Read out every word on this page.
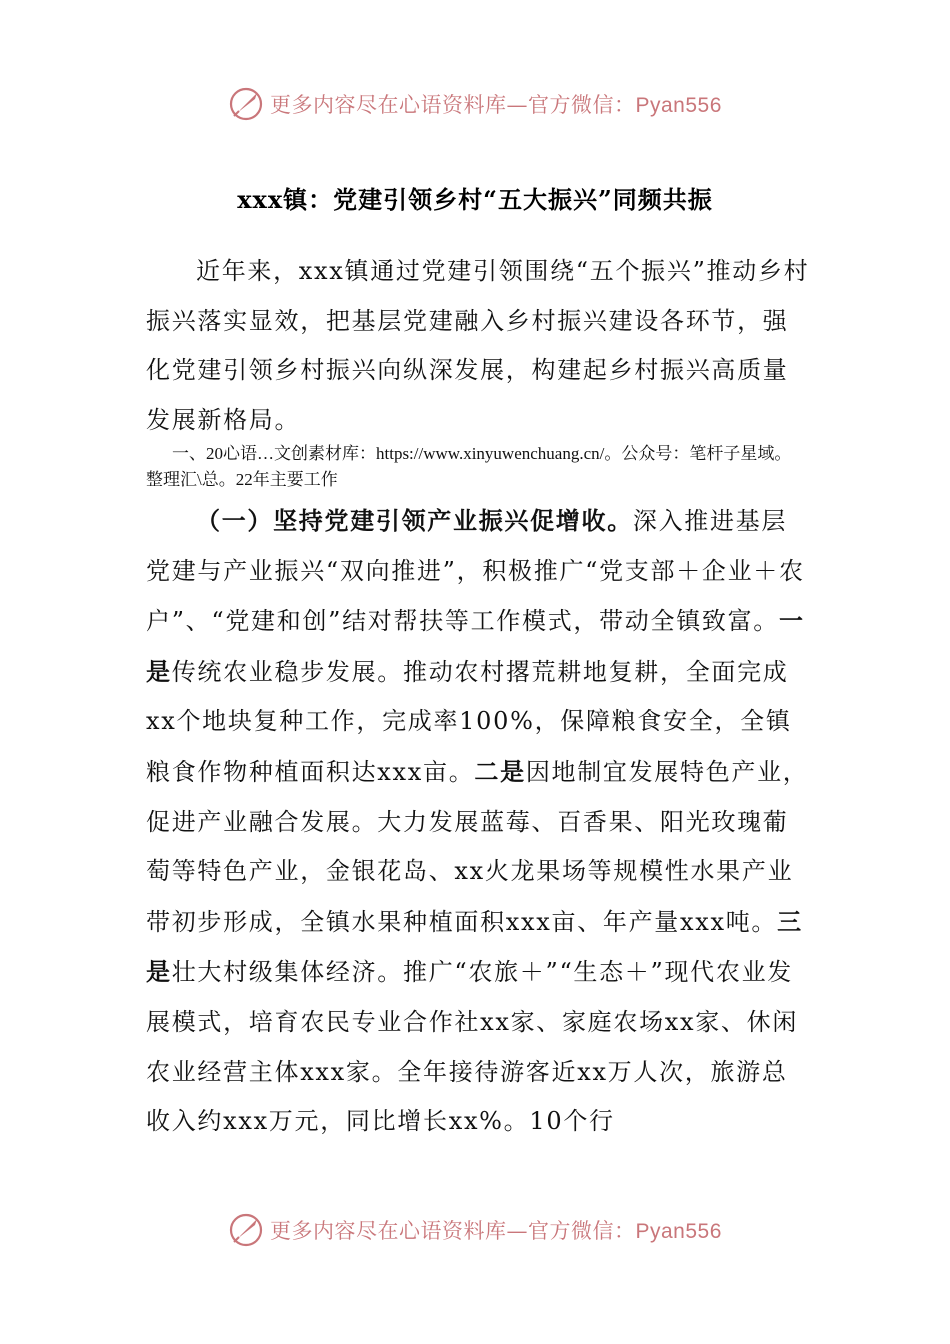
更多内容尽在心语资料库—官方微信：Pyan556
xxx镇：党建引领乡村“五大振兴”同频共振
近年来，xxx镇通过党建引领围绕“五个振兴”推动乡村振兴落实显效，把基层党建融入乡村振兴建设各环节，强化党建引领乡村振兴向纵深发展，构建起乡村振兴高质量发展新格局。
一、20心语…文创素材库：https://www.xinyuwenchuang.cn/。公众号：笔杆子星域。整理汇\总。22年主要工作
（一）坚持党建引领产业振兴促增收。深入推进基层党建与产业振兴“双向推进”，积极推广“党支部＋企业＋农户”、“党建和创”结对帮扶等工作模式，带动全镇致富。一是传统农业稳步发展。推动农村撂荒耕地复耕，全面完成xx个地块复种工作，完成率100%，保障粮食安全，全镇粮食作物种植面积达xxx亩。二是因地制宜发展特色产业，促进产业融合发展。大力发展蓝莓、百香果、阳光玫瑰葡萄等特色产业，金银花岛、xx火龙果场等规模性水果产业带初步形成，全镇水果种植面积xxx亩、年产量xxx吨。三是壮大村级集体经济。推广“农旅＋”“生态＋”现代农业发展模式，培育农民专业合作社xx家、家庭农场xx家、休闲农业经营主体xxx家。全年接待游客近xx万人次，旅游总收入约xxx万元，同比增长xx%。10个行
更多内容尽在心语资料库—官方微信：Pyan556
